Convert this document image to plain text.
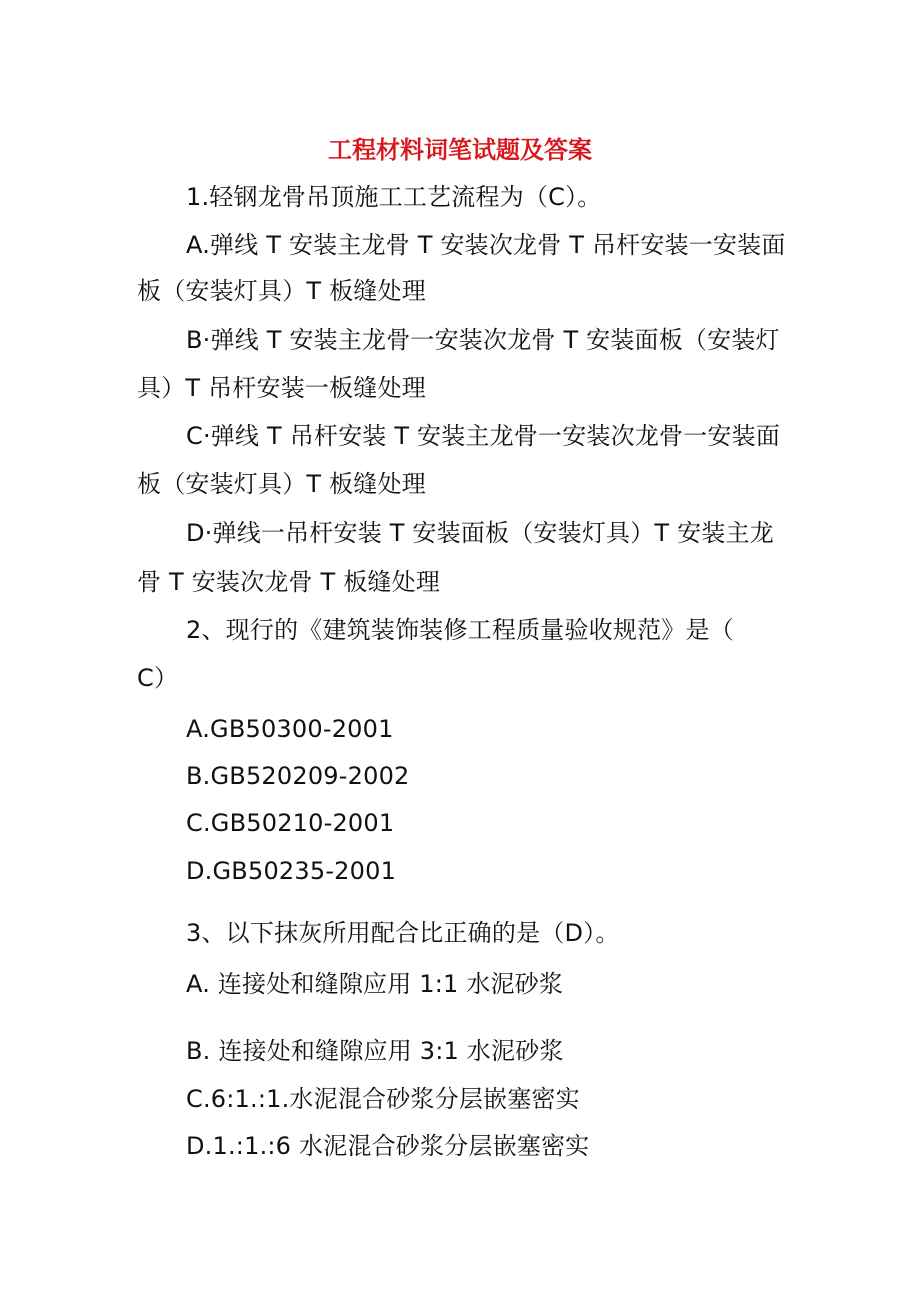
工程材料词笔试题及答案
1.轻钢龙骨吊顶施工工艺流程为（C）。
A.弹线 T 安装主龙骨 T 安装次龙骨 T 吊杆安装一安装面
板（安装灯具）T 板缝处理
B·弹线 T 安装主龙骨一安装次龙骨 T 安装面板（安装灯
具）T 吊杆安装一板缝处理
C·弹线 T 吊杆安装 T 安装主龙骨一安装次龙骨一安装面
板（安装灯具）T 板缝处理
D·弹线一吊杆安装 T 安装面板（安装灯具）T 安装主龙
骨 T 安装次龙骨 T 板缝处理
2、现行的《建筑装饰装修工程质量验收规范》是（
C）
A.GB50300-2001
B.GB520209-2002
C.GB50210-2001
D.GB50235-2001
3、以下抹灰所用配合比正确的是（D）。
A. 连接处和缝隙应用 1:1 水泥砂浆
B. 连接处和缝隙应用 3:1 水泥砂浆
C.6:1.:1.水泥混合砂浆分层嵌塞密实
D.1.:1.:6 水泥混合砂浆分层嵌塞密实
